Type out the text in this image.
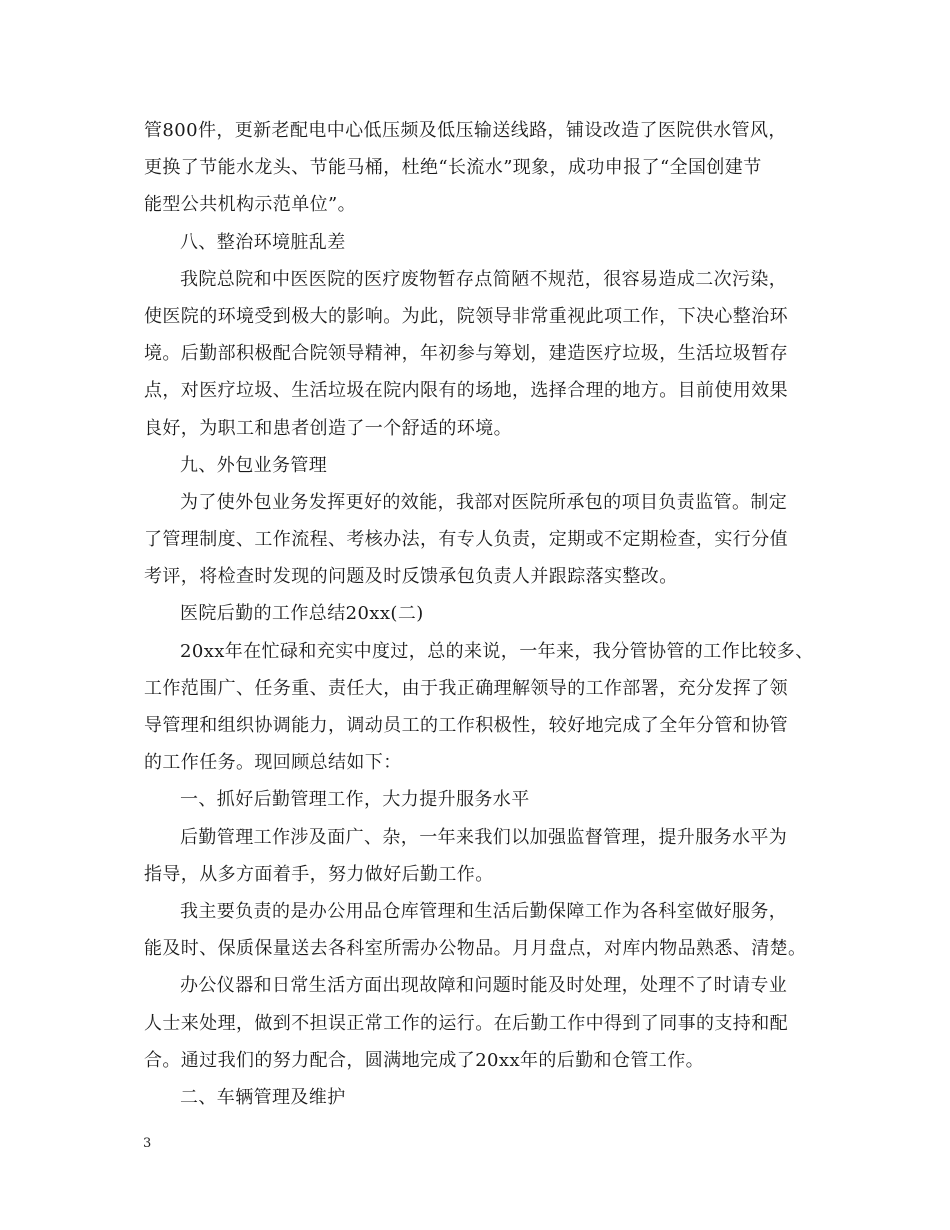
管800件，更新老配电中心低压频及低压输送线路，铺设改造了医院供水管风，
更换了节能水龙头、节能马桶，杜绝“长流水”现象，成功申报了“全国创建节
能型公共机构示范单位”。
八、整治环境脏乱差
我院总院和中医医院的医疗废物暂存点简陋不规范，很容易造成二次污染，
使医院的环境受到极大的影响。为此，院领导非常重视此项工作，下决心整治环
境。后勤部积极配合院领导精神，年初参与筹划，建造医疗垃圾，生活垃圾暂存
点，对医疗垃圾、生活垃圾在院内限有的场地，选择合理的地方。目前使用效果
良好，为职工和患者创造了一个舒适的环境。
九、外包业务管理
为了使外包业务发挥更好的效能，我部对医院所承包的项目负责监管。制定
了管理制度、工作流程、考核办法，有专人负责，定期或不定期检查，实行分值
考评，将检查时发现的问题及时反馈承包负责人并跟踪落实整改。
医院后勤的工作总结20xx(二)
20xx年在忙碌和充实中度过，总的来说，一年来，我分管协管的工作比较多、
工作范围广、任务重、责任大，由于我正确理解领导的工作部署，充分发挥了领
导管理和组织协调能力，调动员工的工作积极性，较好地完成了全年分管和协管
的工作任务。现回顾总结如下：
一、抓好后勤管理工作，大力提升服务水平
后勤管理工作涉及面广、杂，一年来我们以加强监督管理，提升服务水平为
指导，从多方面着手，努力做好后勤工作。
我主要负责的是办公用品仓库管理和生活后勤保障工作为各科室做好服务，
能及时、保质保量送去各科室所需办公物品。月月盘点，对库内物品熟悉、清楚。
办公仪器和日常生活方面出现故障和问题时能及时处理，处理不了时请专业
人士来处理，做到不担误正常工作的运行。在后勤工作中得到了同事的支持和配
合。通过我们的努力配合，圆满地完成了20xx年的后勤和仓管工作。
二、车辆管理及维护
3
